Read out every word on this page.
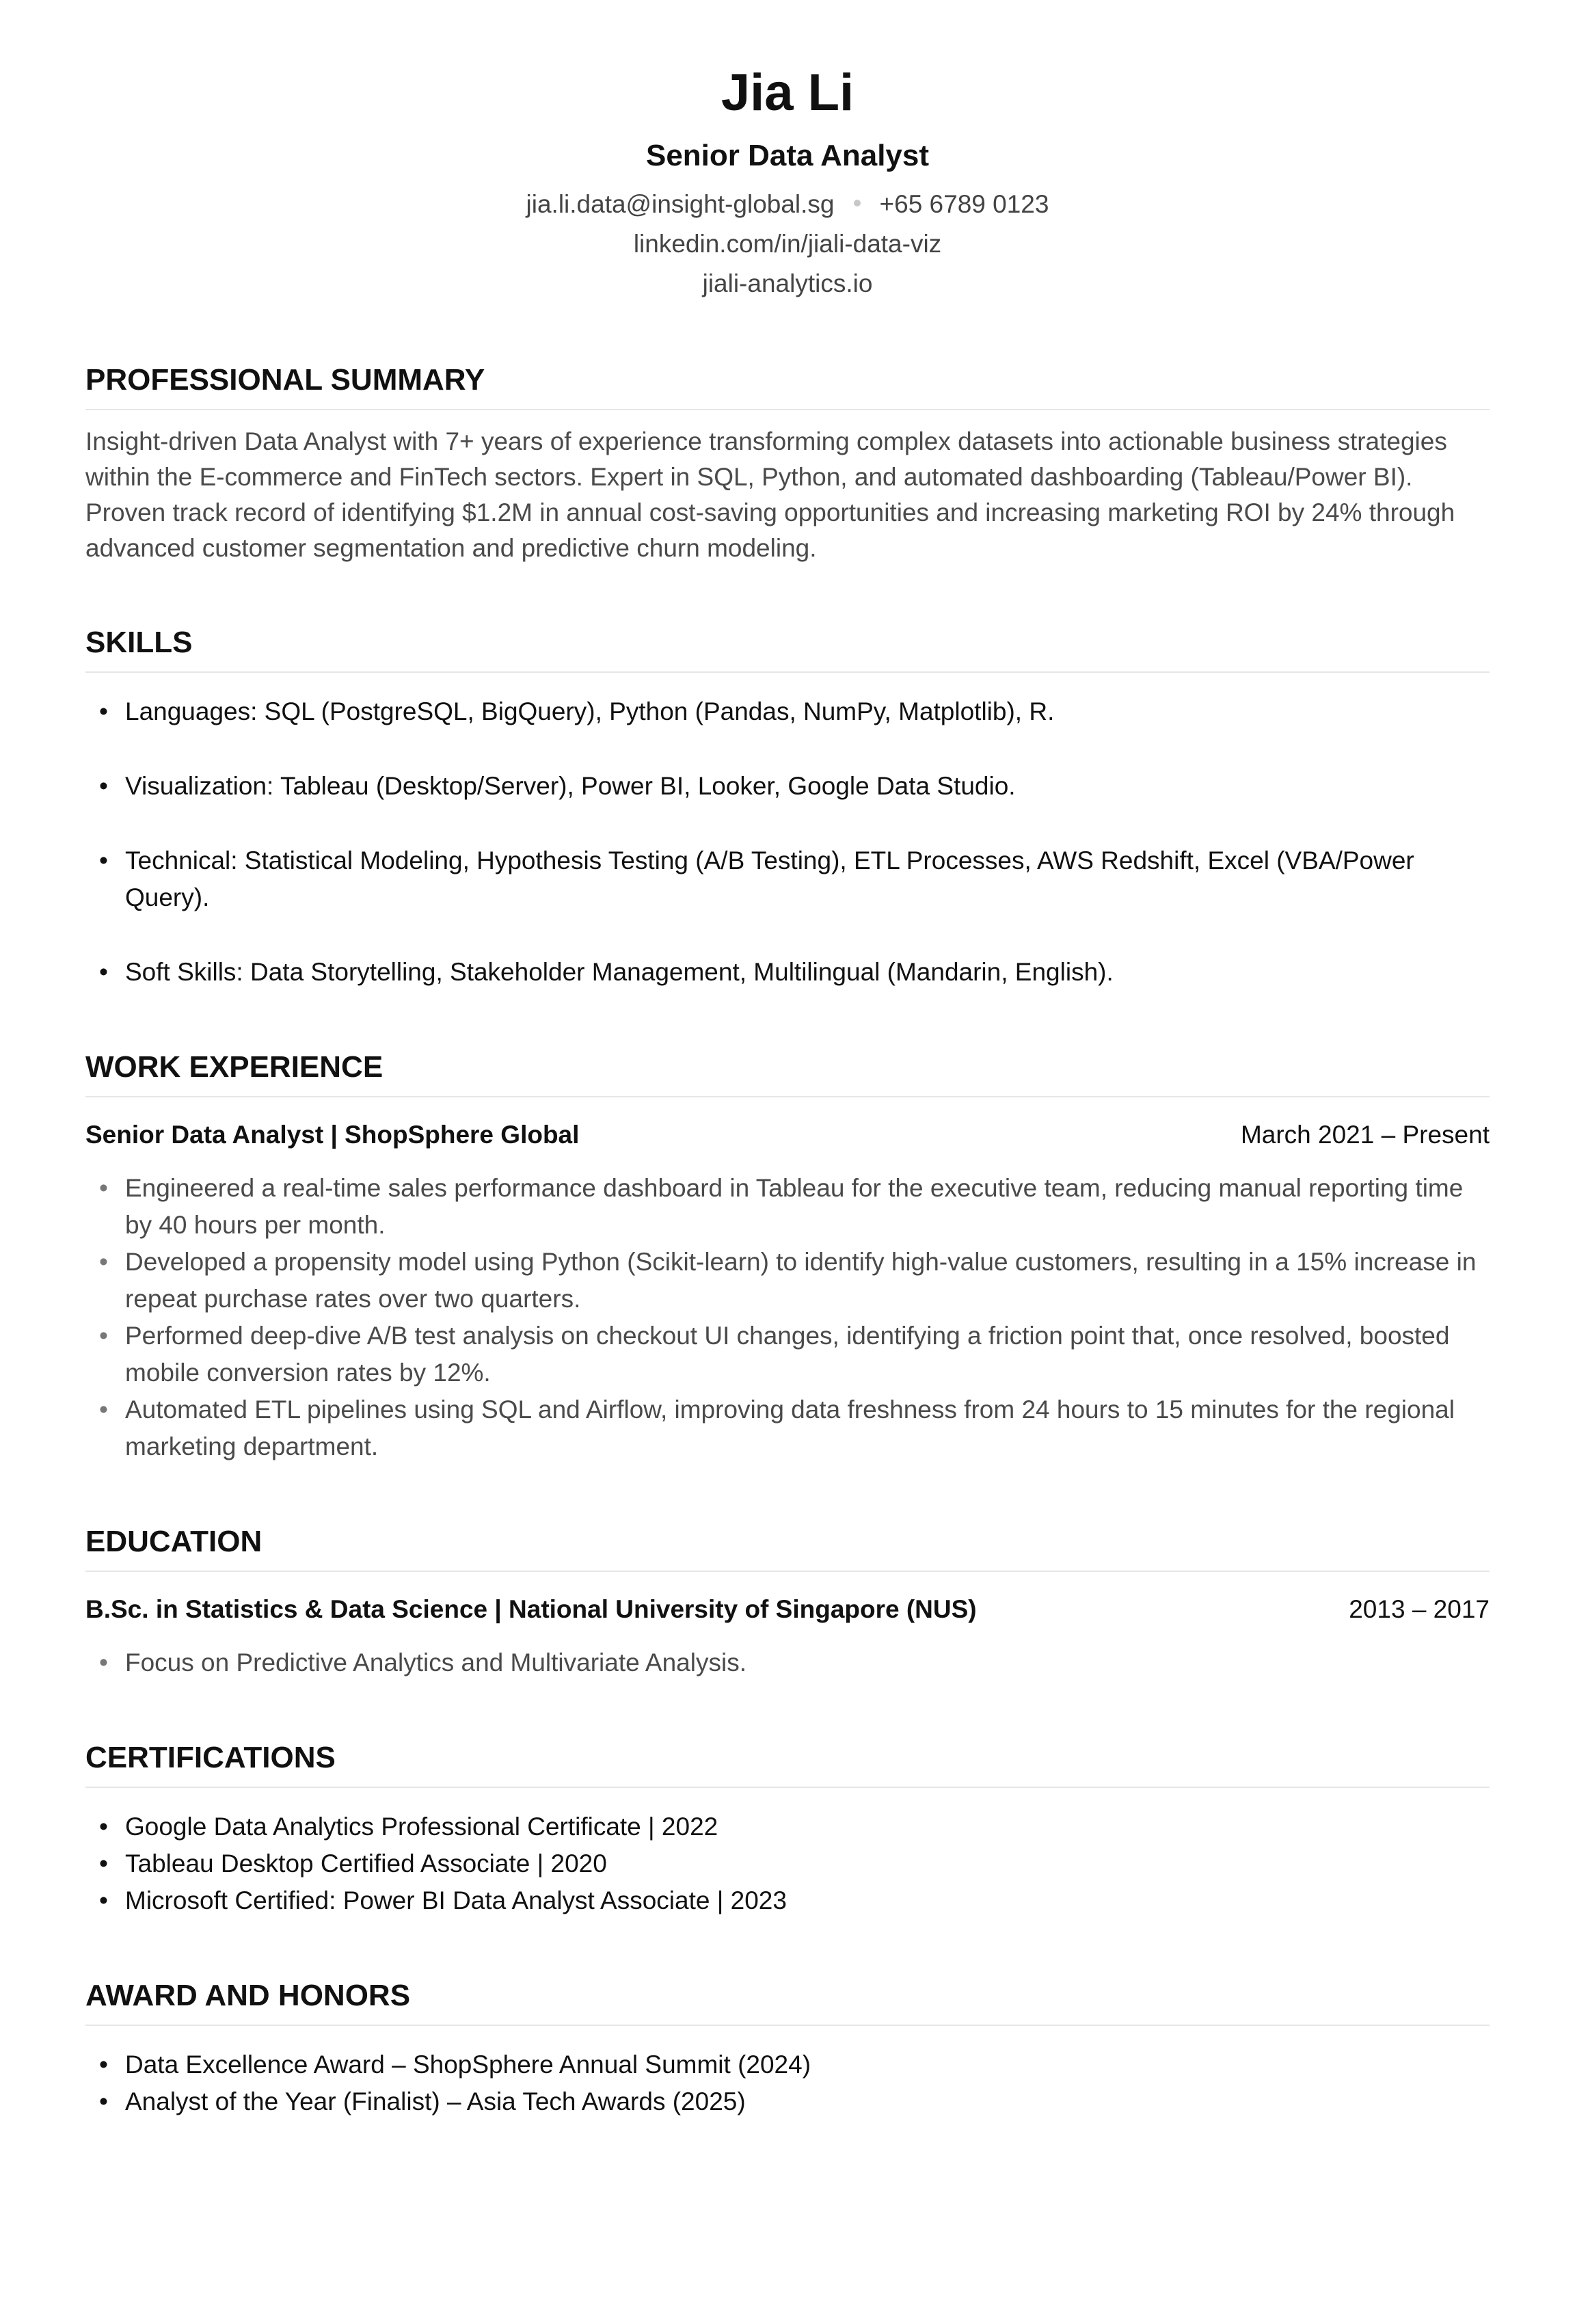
Jia Li
Senior Data Analyst
jia.li.data@insight-global.sg +65 6789 0123
linkedin.com/in/jiali-data-viz
jiali-analytics.io
PROFESSIONAL SUMMARY
Insight-driven Data Analyst with 7+ years of experience transforming complex datasets into actionable business strategies within the E-commerce and FinTech sectors. Expert in SQL, Python, and automated dashboarding (Tableau/Power BI). Proven track record of identifying $1.2M in annual cost-saving opportunities and increasing marketing ROI by 24% through advanced customer segmentation and predictive churn modeling.
SKILLS
• Languages: SQL (PostgreSQL, BigQuery), Python (Pandas, NumPy, Matplotlib), R.
• Visualization: Tableau (Desktop/Server), Power BI, Looker, Google Data Studio.
• Technical: Statistical Modeling, Hypothesis Testing (A/B Testing), ETL Processes, AWS Redshift, Excel (VBA/Power Query).
• Soft Skills: Data Storytelling, Stakeholder Management, Multilingual (Mandarin, English).
WORK EXPERIENCE
Senior Data Analyst | ShopSphere Global	March 2021 – Present
• Engineered a real-time sales performance dashboard in Tableau for the executive team, reducing manual reporting time by 40 hours per month.
• Developed a propensity model using Python (Scikit-learn) to identify high-value customers, resulting in a 15% increase in repeat purchase rates over two quarters.
• Performed deep-dive A/B test analysis on checkout UI changes, identifying a friction point that, once resolved, boosted mobile conversion rates by 12%.
• Automated ETL pipelines using SQL and Airflow, improving data freshness from 24 hours to 15 minutes for the regional marketing department.
EDUCATION
B.Sc. in Statistics & Data Science | National University of Singapore (NUS)	2013 – 2017
• Focus on Predictive Analytics and Multivariate Analysis.
CERTIFICATIONS
• Google Data Analytics Professional Certificate | 2022
• Tableau Desktop Certified Associate | 2020
• Microsoft Certified: Power BI Data Analyst Associate | 2023
AWARD AND HONORS
• Data Excellence Award – ShopSphere Annual Summit (2024)
• Analyst of the Year (Finalist) – Asia Tech Awards (2025)
